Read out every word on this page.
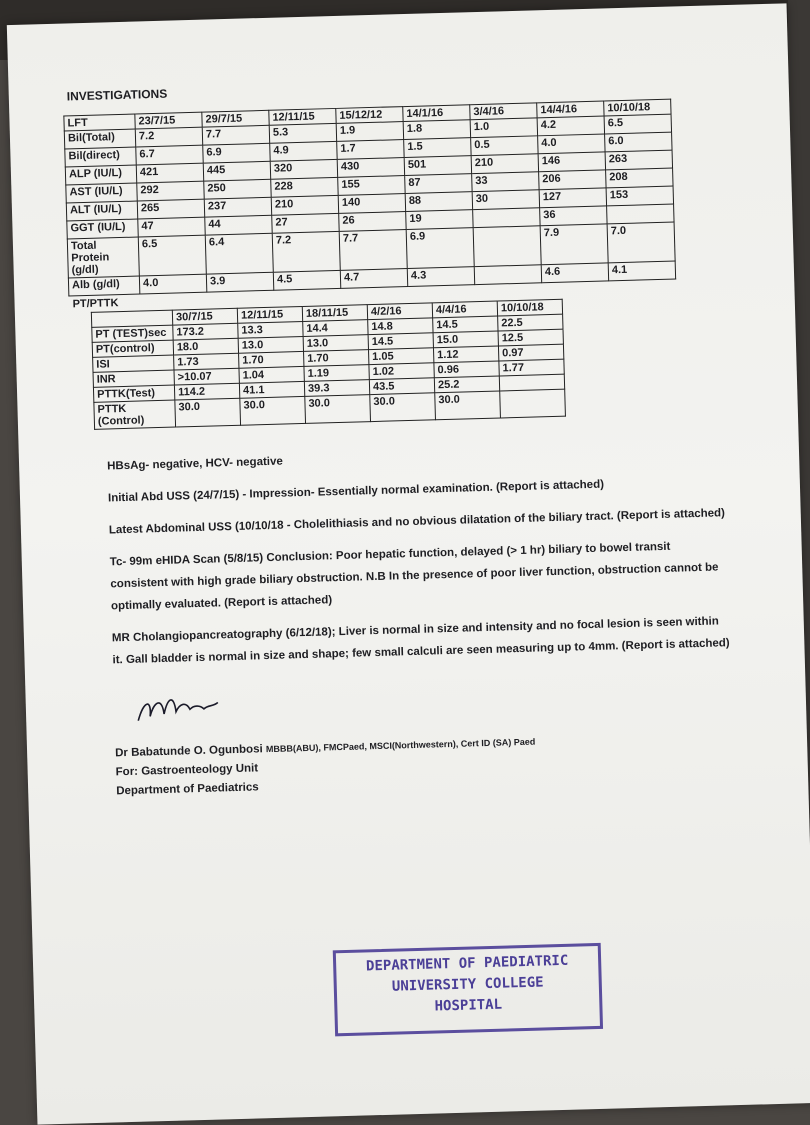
INVESTIGATIONS
LFT	23/7/15	29/7/15	12/11/15	15/12/12	14/1/16	3/4/16	14/4/16	10/10/18
Bil(Total)	7.2	7.7	5.3	1.9	1.8	1.0	4.2	6.5
Bil(direct)	6.7	6.9	4.9	1.7	1.5	0.5	4.0	6.0
ALP (IU/L)	421	445	320	430	501	210	146	263
AST (IU/L)	292	250	228	155	87	33	206	208
ALT (IU/L)	265	237	210	140	88	30	127	153
GGT (IU/L)	47	44	27	26	19		36	
Total Protein (g/dl)	6.5	6.4	7.2	7.7	6.9		7.9	7.0
Alb (g/dl)	4.0	3.9	4.5	4.7	4.3		4.6	4.1
PT/PTTK
	30/7/15	12/11/15	18/11/15	4/2/16	4/4/16	10/10/18
PT (TEST)sec	173.2	13.3	14.4	14.8	14.5	22.5
PT(control)	18.0	13.0	13.0	14.5	15.0	12.5
ISI	1.73	1.70	1.70	1.05	1.12	0.97
INR	>10.07	1.04	1.19	1.02	0.96	1.77
PTTK(Test)	114.2	41.1	39.3	43.5	25.2	
PTTK (Control)	30.0	30.0	30.0	30.0	30.0	

HBsAg- negative, HCV- negative

Initial Abd USS (24/7/15) - Impression- Essentially normal examination. (Report is attached)

Latest Abdominal USS (10/10/18 - Cholelithiasis and no obvious dilatation of the biliary tract. (Report is attached)

Tc- 99m eHIDA Scan (5/8/15) Conclusion: Poor hepatic function, delayed (> 1 hr) biliary to bowel transit consistent with high grade biliary obstruction. N.B In the presence of poor liver function, obstruction cannot be optimally evaluated. (Report is attached)

MR Cholangiopancreatography (6/12/18); Liver is normal in size and intensity and no focal lesion is seen within it. Gall bladder is normal in size and shape; few small calculi are seen measuring up to 4mm. (Report is attached)

Dr Babatunde O. Ogunbosi MBBB(ABU), FMCPaed, MSCI(Northwestern), Cert ID (SA) Paed
For: Gastroenteology Unit
Department of Paediatrics
DEPARTMENT OF PAEDIATRIC
UNIVERSITY COLLEGE
HOSPITAL
